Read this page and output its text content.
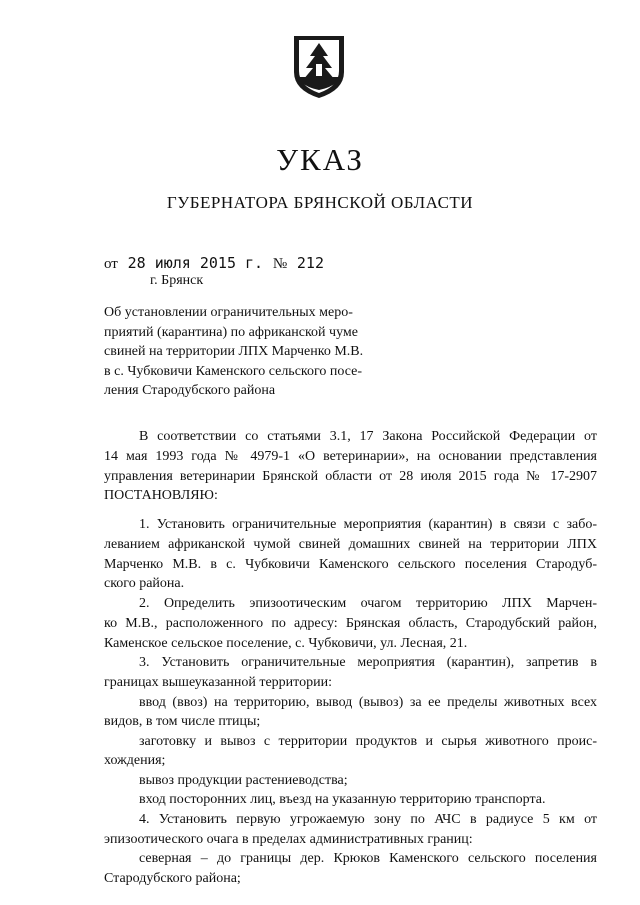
УКАЗ
ГУБЕРНАТОРА БРЯНСКОЙ ОБЛАСТИ
от 28 июля 2015 г. № 212
г. Брянск
Об установлении ограничительных меро-
приятий (карантина) по африканской чуме
свиней на территории ЛПХ Марченко М.В.
в с. Чубковичи Каменского сельского посе-
ления Стародубского района
В соответствии со статьями 3.1, 17 Закона Российской Федерации от
14 мая 1993 года № 4979-1 «О ветеринарии», на основании представления
управления ветеринарии Брянской области от 28 июля 2015 года № 17-2907
ПОСТАНОВЛЯЮ:
1. Установить ограничительные мероприятия (карантин) в связи с забо-
леванием африканской чумой свиней домашних свиней на территории ЛПХ
Марченко М.В. в с. Чубковичи Каменского сельского поселения Стародуб-
ского района.
2. Определить эпизоотическим очагом территорию ЛПХ Марчен-
ко М.В., расположенного по адресу: Брянская область, Стародубский район,
Каменское сельское поселение, с. Чубковичи, ул. Лесная, 21.
3. Установить ограничительные мероприятия (карантин), запретив в
границах вышеуказанной территории:
ввод (ввоз) на территорию, вывод (вывоз) за ее пределы животных всех
видов, в том числе птицы;
заготовку и вывоз с территории продуктов и сырья животного проис-
хождения;
вывоз продукции растениеводства;
вход посторонних лиц, въезд на указанную территорию транспорта.
4. Установить первую угрожаемую зону по АЧС в радиусе 5 км от
эпизоотического очага в пределах административных границ:
северная – до границы дер. Крюков Каменского сельского поселения
Стародубского района;
